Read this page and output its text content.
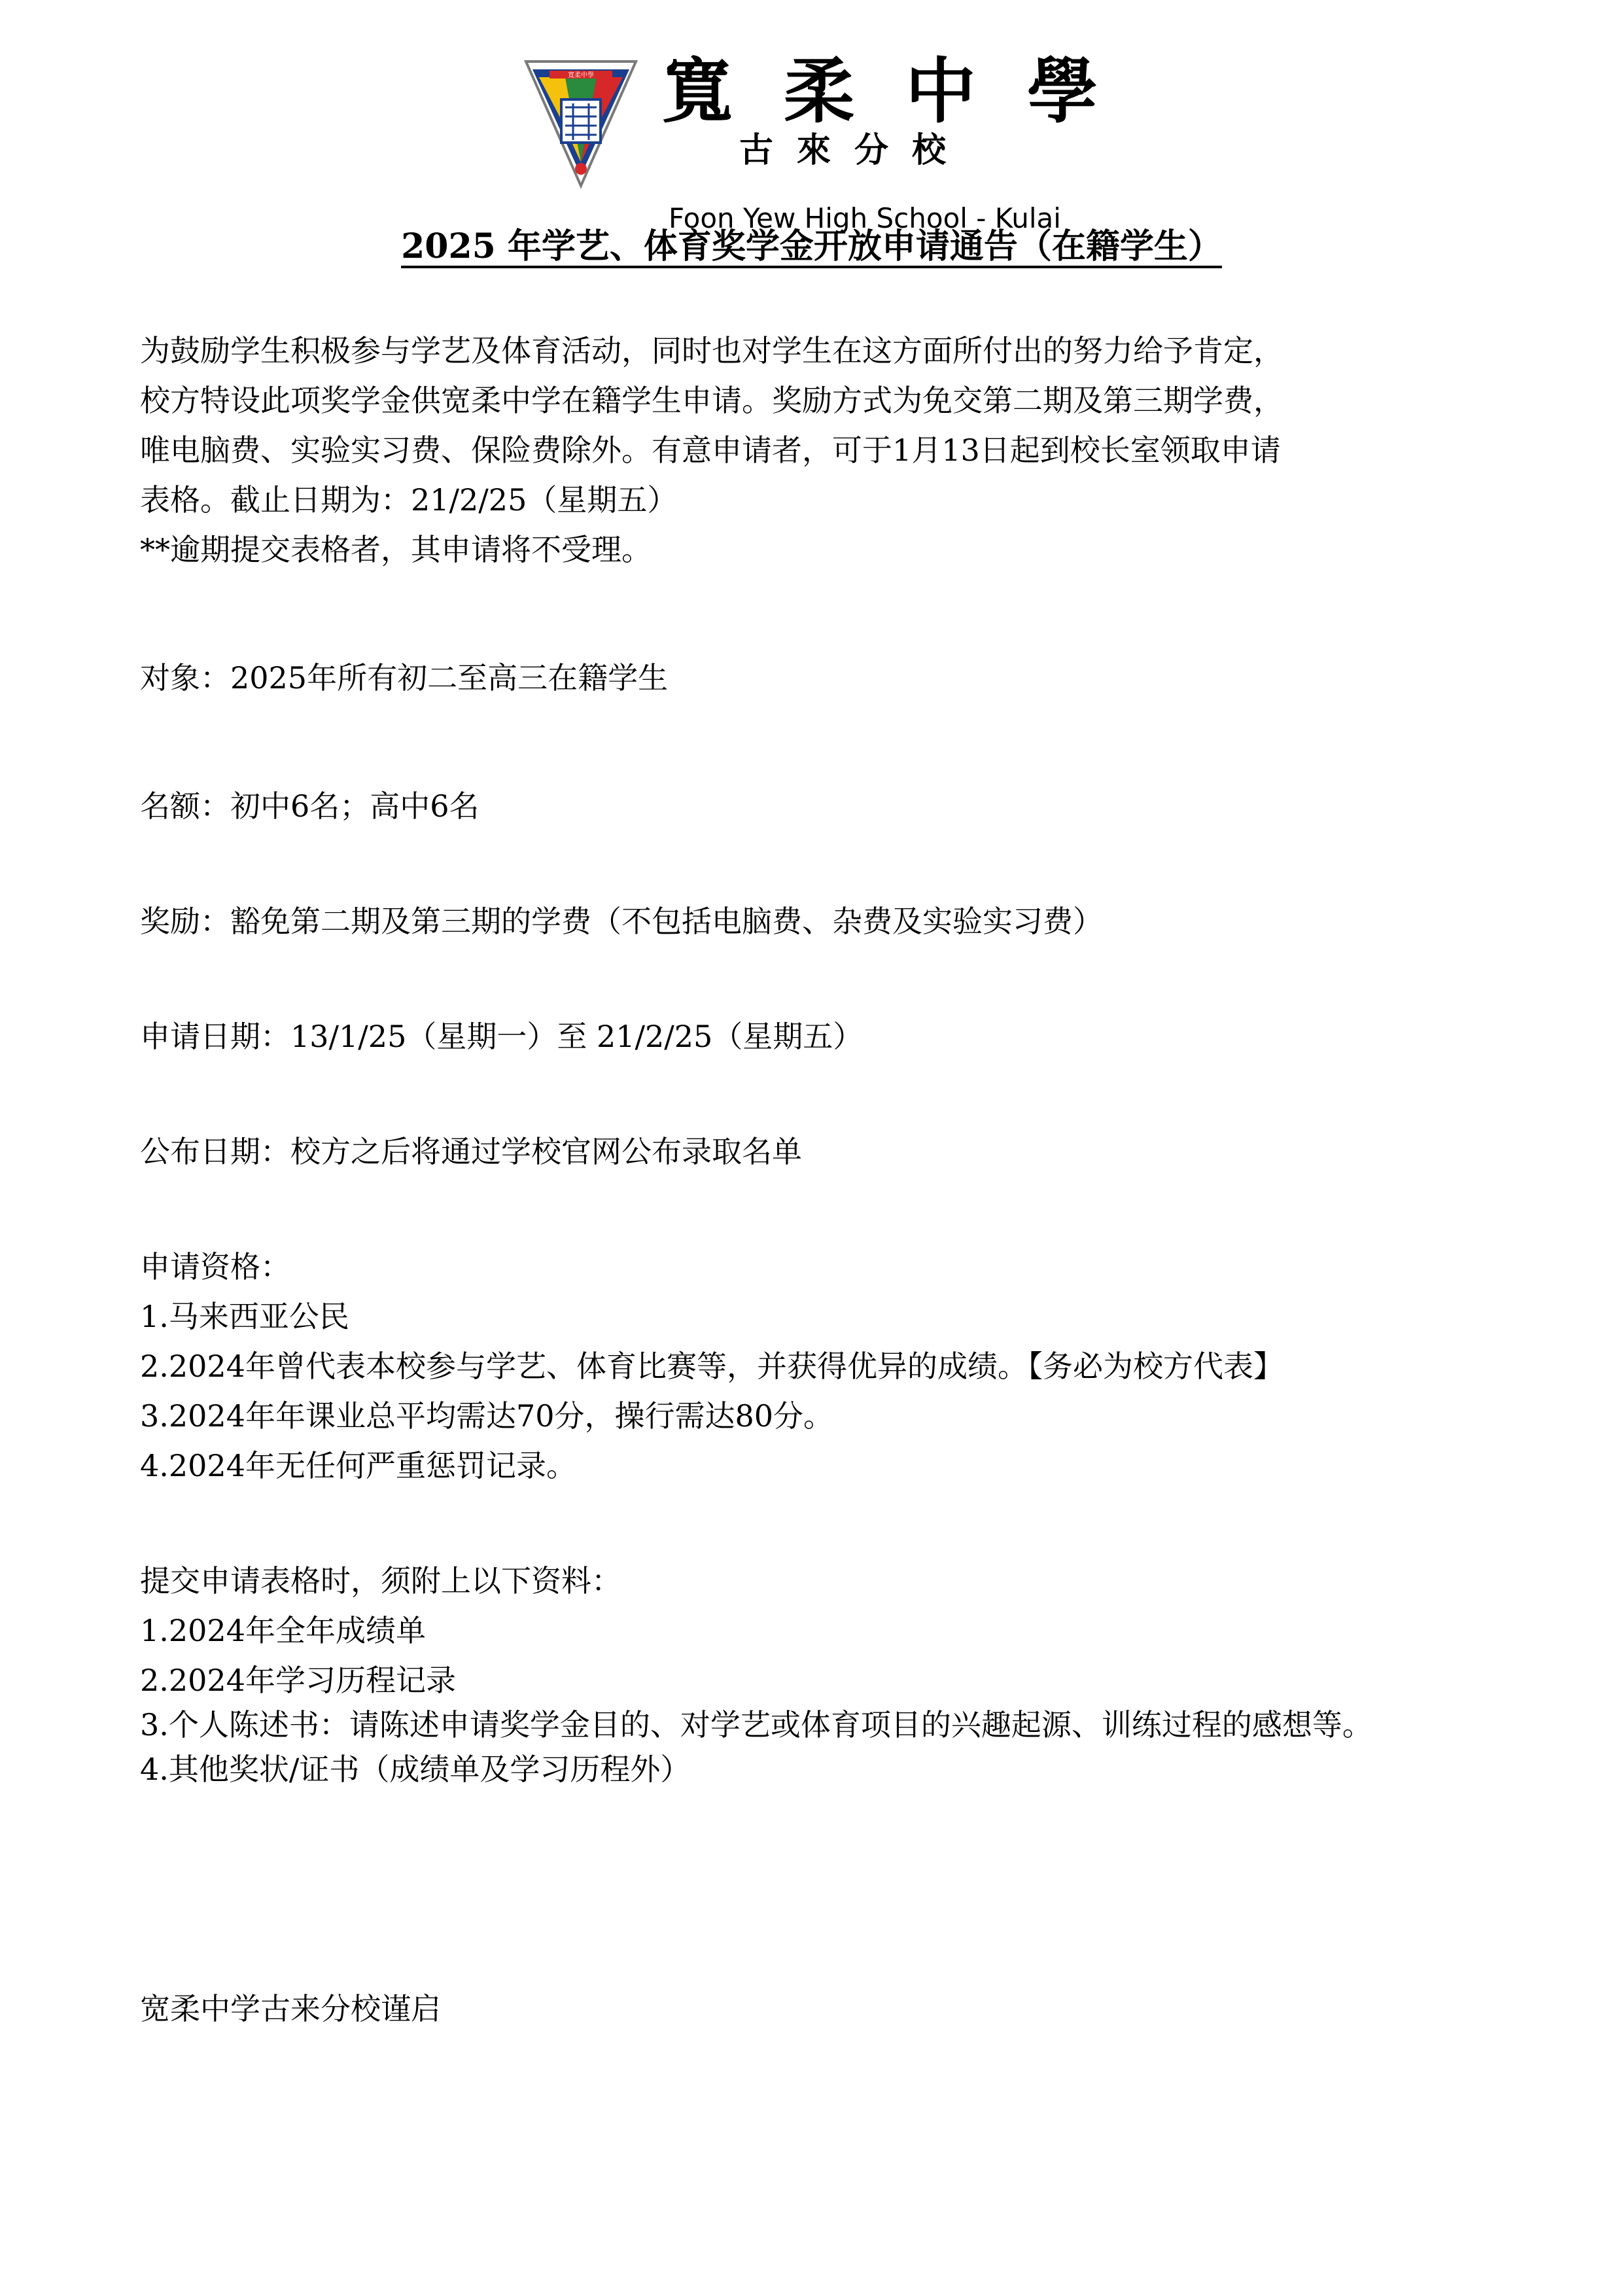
寬柔中學 寬柔中學
古來分校
Foon Yew High School - Kulai
2025 年学艺、体育奖学金开放申请通告（在籍学生）
为鼓励学生积极参与学艺及体育活动，同时也对学生在这方面所付出的努力给予肯定，
校方特设此项奖学金供宽柔中学在籍学生申请。奖励方式为免交第二期及第三期学费，
唯电脑费、实验实习费、保险费除外。有意申请者，可于1月13日起到校长室领取申请
表格。截止日期为：21/2/25（星期五）
**逾期提交表格者，其申请将不受理。
对象：2025年所有初二至高三在籍学生
名额：初中6名；高中6名
奖励：豁免第二期及第三期的学费（不包括电脑费、杂费及实验实习费）
申请日期：13/1/25（星期一）至 21/2/25（星期五）
公布日期：校方之后将通过学校官网公布录取名单
申请资格：
1.马来西亚公民
2.2024年曾代表本校参与学艺、体育比赛等，并获得优异的成绩。【务必为校方代表】
3.2024年年课业总平均需达70分，操行需达80分。
4.2024年无任何严重惩罚记录。
提交申请表格时，须附上以下资料：
1.2024年全年成绩单
2.2024年学习历程记录
3.个人陈述书：请陈述申请奖学金目的、对学艺或体育项目的兴趣起源、训练过程的感想等。
4.其他奖状/证书（成绩单及学习历程外）
宽柔中学古来分校谨启
